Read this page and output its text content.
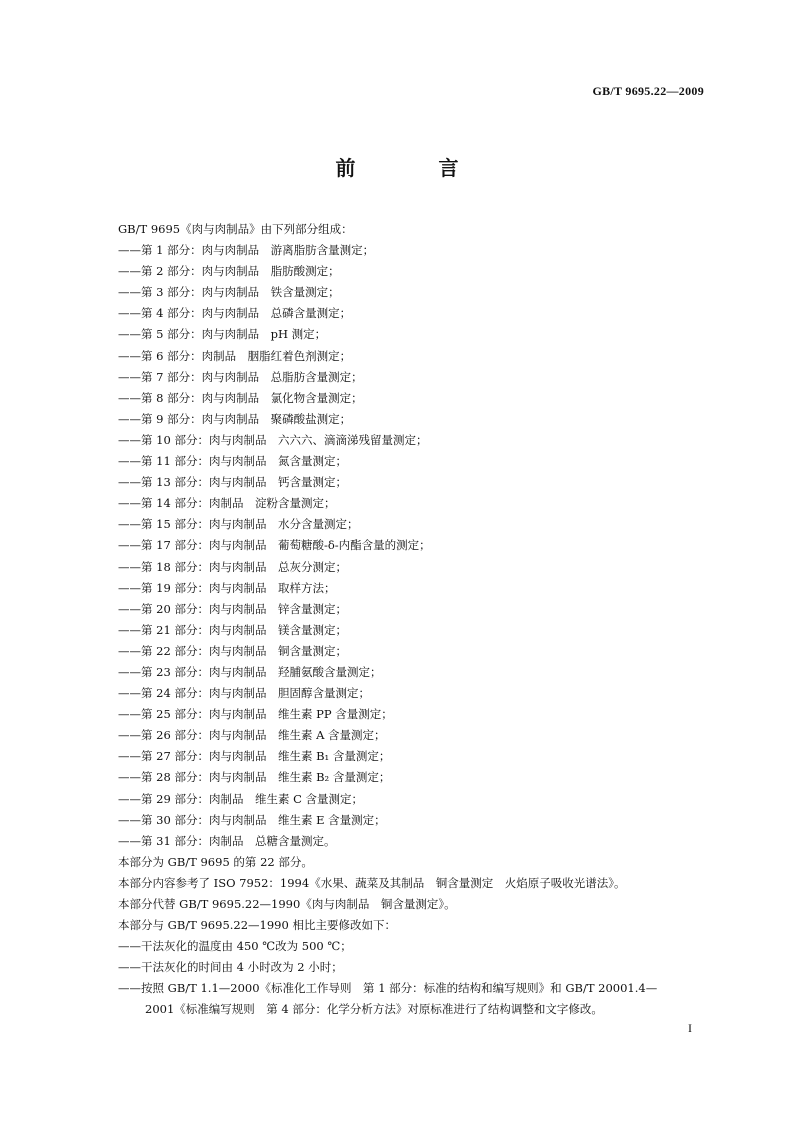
GB/T 9695.22—2009
前 言
GB/T 9695《肉与肉制品》由下列部分组成：
——第 1 部分：肉与肉制品　游离脂肪含量测定；
——第 2 部分：肉与肉制品　脂肪酸测定；
——第 3 部分：肉与肉制品　铁含量测定；
——第 4 部分：肉与肉制品　总磷含量测定；
——第 5 部分：肉与肉制品　pH 测定；
——第 6 部分：肉制品　胭脂红着色剂测定；
——第 7 部分：肉与肉制品　总脂肪含量测定；
——第 8 部分：肉与肉制品　氯化物含量测定；
——第 9 部分：肉与肉制品　聚磷酸盐测定；
——第 10 部分：肉与肉制品　六六六、滴滴涕残留量测定；
——第 11 部分：肉与肉制品　氮含量测定；
——第 13 部分：肉与肉制品　钙含量测定；
——第 14 部分：肉制品　淀粉含量测定；
——第 15 部分：肉与肉制品　水分含量测定；
——第 17 部分：肉与肉制品　葡萄糖酸-δ-内酯含量的测定；
——第 18 部分：肉与肉制品　总灰分测定；
——第 19 部分：肉与肉制品　取样方法；
——第 20 部分：肉与肉制品　锌含量测定；
——第 21 部分：肉与肉制品　镁含量测定；
——第 22 部分：肉与肉制品　铜含量测定；
——第 23 部分：肉与肉制品　羟脯氨酸含量测定；
——第 24 部分：肉与肉制品　胆固醇含量测定；
——第 25 部分：肉与肉制品　维生素 PP 含量测定；
——第 26 部分：肉与肉制品　维生素 A 含量测定；
——第 27 部分：肉与肉制品　维生素 B₁ 含量测定；
——第 28 部分：肉与肉制品　维生素 B₂ 含量测定；
——第 29 部分：肉制品　维生素 C 含量测定；
——第 30 部分：肉与肉制品　维生素 E 含量测定；
——第 31 部分：肉制品　总糖含量测定。
本部分为 GB/T 9695 的第 22 部分。
本部分内容参考了 ISO 7952：1994《水果、蔬菜及其制品　铜含量测定　火焰原子吸收光谱法》。
本部分代替 GB/T 9695.22—1990《肉与肉制品　铜含量测定》。
本部分与 GB/T 9695.22—1990 相比主要修改如下：
——干法灰化的温度由 450 ℃改为 500 ℃；
——干法灰化的时间由 4 小时改为 2 小时；
——按照 GB/T 1.1—2000《标准化工作导则　第 1 部分：标准的结构和编写规则》和 GB/T 20001.4—
2001《标准编写规则　第 4 部分：化学分析方法》对原标准进行了结构调整和文字修改。
I
